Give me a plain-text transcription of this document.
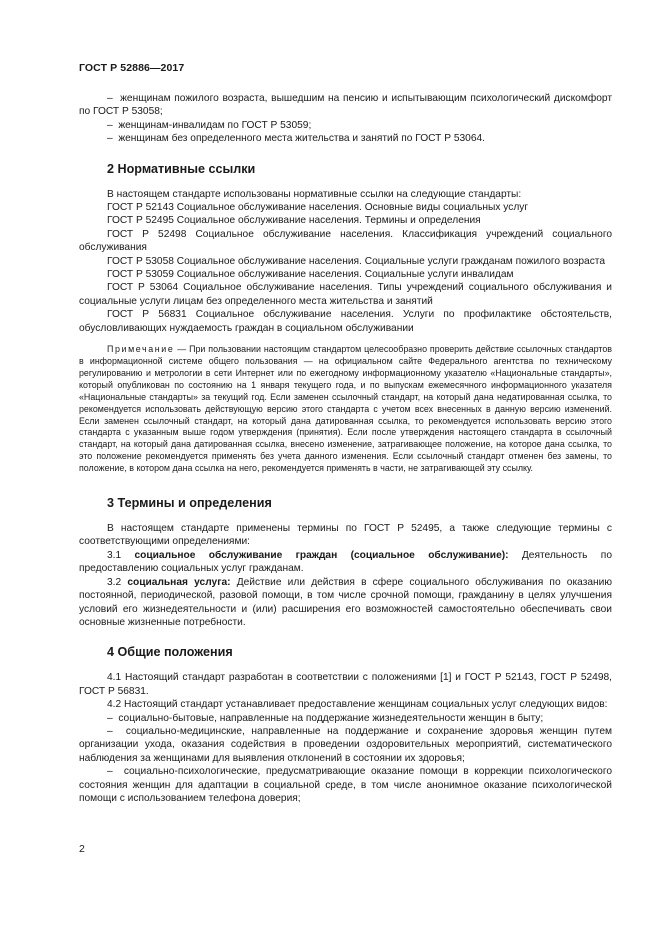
ГОСТ Р 52886—2017

–  женщинам пожилого возраста, вышедшим на пенсию и испытывающим психологический дискомфорт по ГОСТ Р 53058;

–  женщинам-инвалидам по ГОСТ Р 53059;

–  женщинам без определенного места жительства и занятий по ГОСТ Р 53064.

2 Нормативные ссылки

В настоящем стандарте использованы нормативные ссылки на следующие стандарты:

ГОСТ Р 52143 Социальное обслуживание населения. Основные виды социальных услуг

ГОСТ Р 52495 Социальное обслуживание населения. Термины и определения

ГОСТ Р 52498 Социальное обслуживание населения. Классификация учреждений социального обслуживания

ГОСТ Р 53058 Социальное обслуживание населения. Социальные услуги гражданам пожилого возраста

ГОСТ Р 53059 Социальное обслуживание населения. Социальные услуги инвалидам

ГОСТ Р 53064 Социальное обслуживание населения. Типы учреждений социального обслуживания и социальные услуги лицам без определенного места жительства и занятий

ГОСТ Р 56831 Социальное обслуживание населения. Услуги по профилактике обстоятельств, обусловливающих нуждаемость граждан в социальном обслуживании

Примечание — При пользовании настоящим стандартом целесообразно проверить действие ссылочных стандартов в информационной системе общего пользования — на официальном сайте Федерального агентства по техническому регулированию и метрологии в сети Интернет или по ежегодному информационному указателю «Национальные стандарты», который опубликован по состоянию на 1 января текущего года, и по выпускам ежемесячного информационного указателя «Национальные стандарты» за текущий год. Если заменен ссылочный стандарт, на который дана недатированная ссылка, то рекомендуется использовать действующую версию этого стандарта с учетом всех внесенных в данную версию изменений. Если заменен ссылочный стандарт, на который дана датированная ссылка, то рекомендуется использовать версию этого стандарта с указанным выше годом утверждения (принятия). Если после утверждения настоящего стандарта в ссылочный стандарт, на который дана датированная ссылка, внесено изменение, затрагивающее положение, на которое дана ссылка, то это положение рекомендуется применять без учета данного изменения. Если ссылочный стандарт отменен без замены, то положение, в котором дана ссылка на него, рекомендуется применять в части, не затрагивающей эту ссылку.

3 Термины и определения

В настоящем стандарте применены термины по ГОСТ Р 52495, а также следующие термины с соответствующими определениями:

3.1 социальное обслуживание граждан (социальное обслуживание): Деятельность по предоставлению социальных услуг гражданам.

3.2 социальная услуга: Действие или действия в сфере социального обслуживания по оказанию постоянной, периодической, разовой помощи, в том числе срочной помощи, гражданину в целях улучшения условий его жизнедеятельности и (или) расширения его возможностей самостоятельно обеспечивать свои основные жизненные потребности.

4 Общие положения

4.1 Настоящий стандарт разработан в соответствии с положениями [1] и ГОСТ Р 52143, ГОСТ Р 52498, ГОСТ Р 56831.

4.2 Настоящий стандарт устанавливает предоставление женщинам социальных услуг следующих видов:

–  социально-бытовые, направленные на поддержание жизнедеятельности женщин в быту;

–  социально-медицинские, направленные на поддержание и сохранение здоровья женщин путем организации ухода, оказания содействия в проведении оздоровительных мероприятий, систематического наблюдения за женщинами для выявления отклонений в состоянии их здоровья;

–  социально-психологические, предусматривающие оказание помощи в коррекции психологического состояния женщин для адаптации в социальной среде, в том числе анонимное оказание психологической помощи с использованием телефона доверия;

2
